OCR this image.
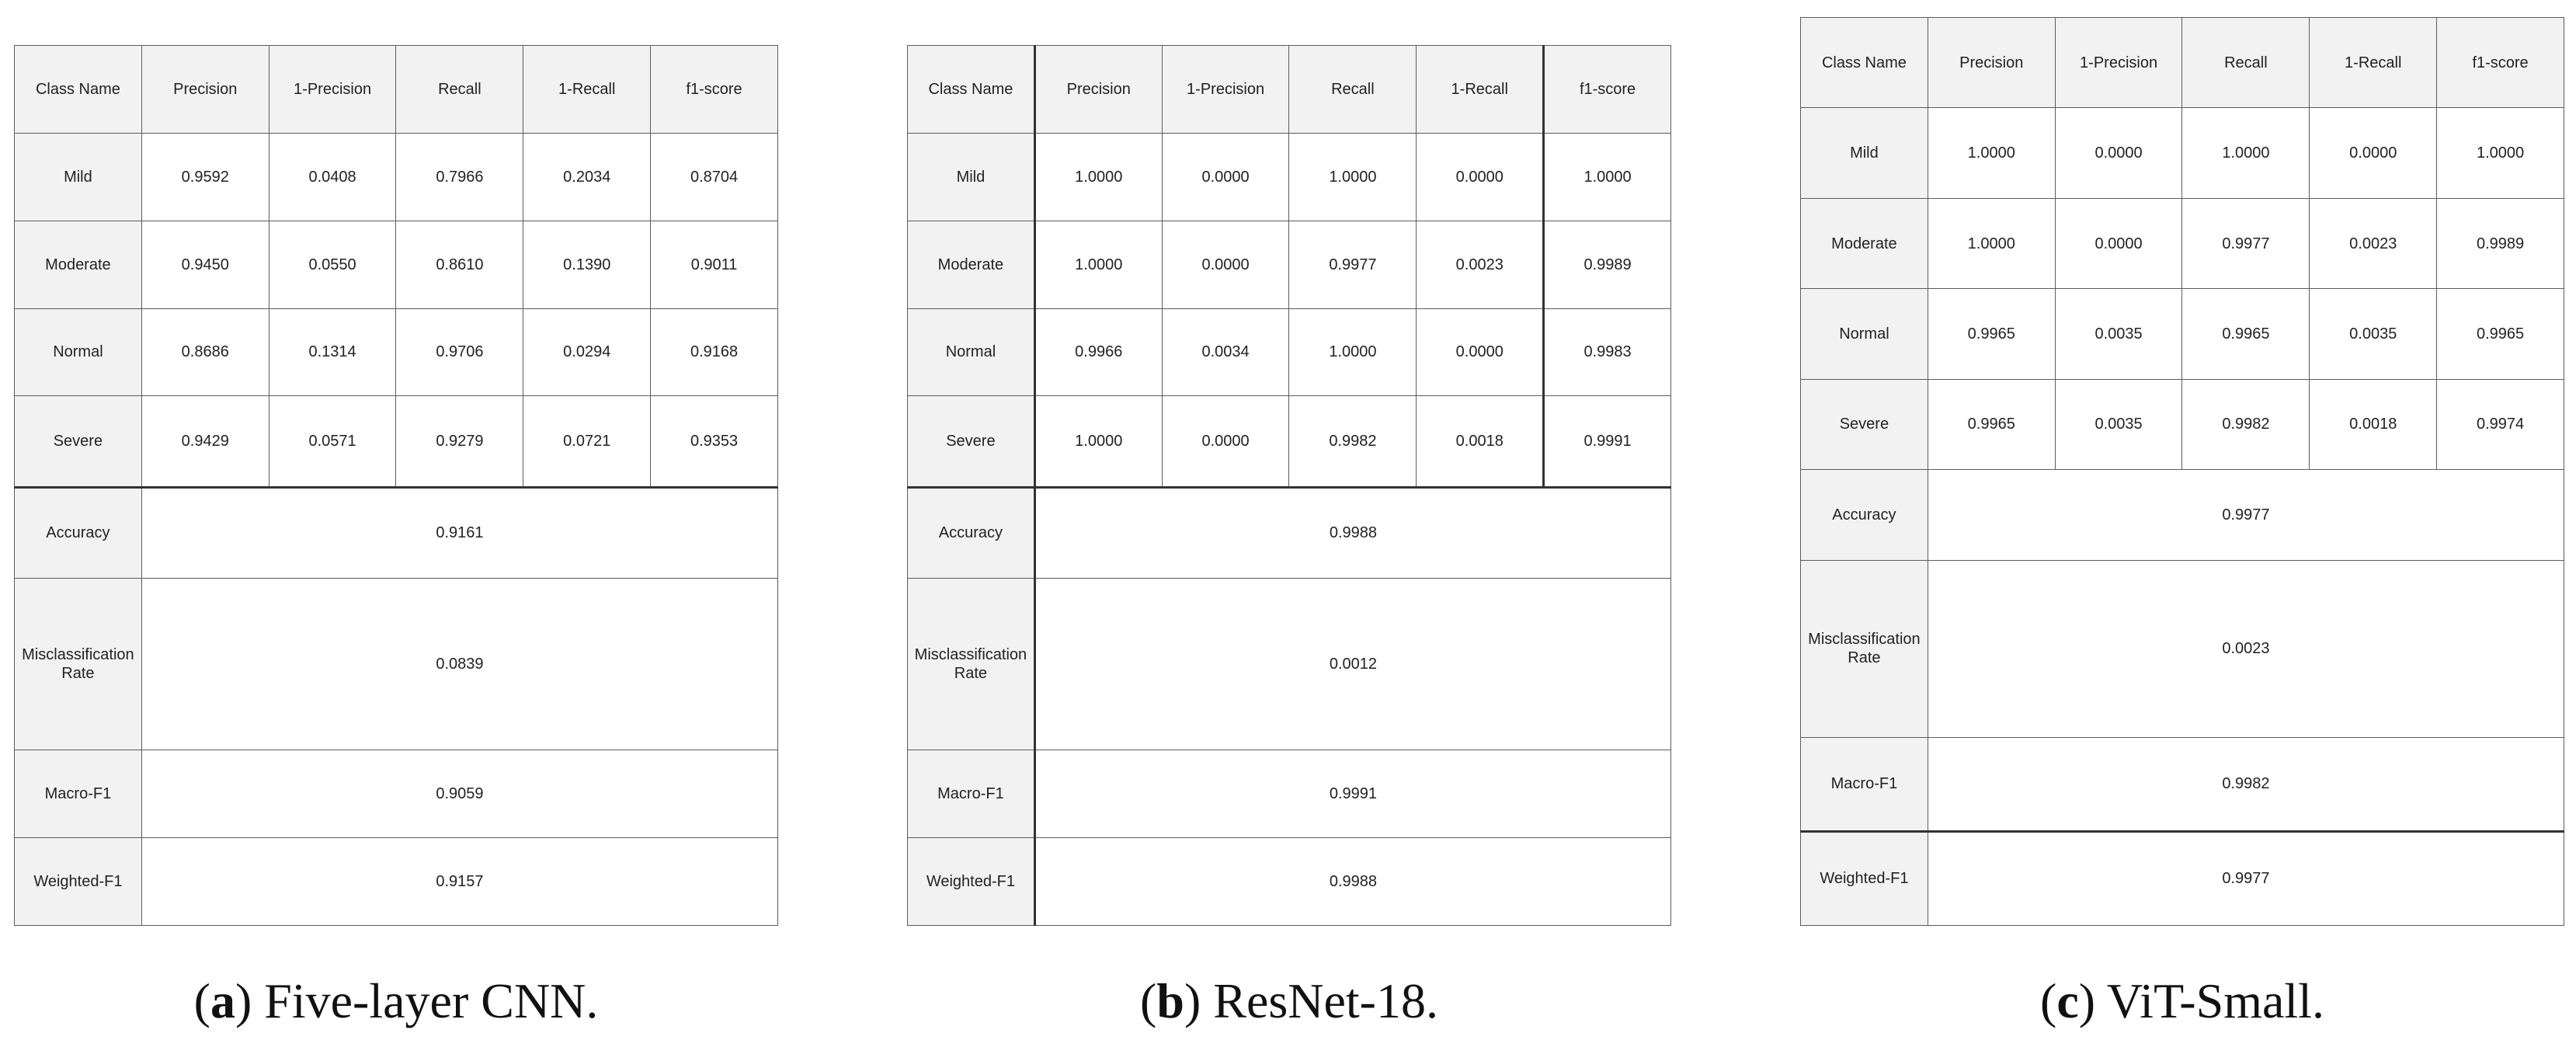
Class Name	Precision	1-Precision	Recall	1-Recall	f1-score
Mild	0.9592	0.0408	0.7966	0.2034	0.8704
Moderate	0.9450	0.0550	0.8610	0.1390	0.9011
Normal	0.8686	0.1314	0.9706	0.0294	0.9168
Severe	0.9429	0.0571	0.9279	0.0721	0.9353
Accuracy	0.9161				
Misclassification Rate	0.0839				
Macro-F1	0.9059				
Weighted-F1	0.9157				
Class Name	Precision	1-Precision	Recall	1-Recall	f1-score
Mild	1.0000	0.0000	1.0000	0.0000	1.0000
Moderate	1.0000	0.0000	0.9977	0.0023	0.9989
Normal	0.9966	0.0034	1.0000	0.0000	0.9983
Severe	1.0000	0.0000	0.9982	0.0018	0.9991
Accuracy	0.9988				
Misclassification Rate	0.0012				
Macro-F1	0.9991				
Weighted-F1	0.9988				
Class Name	Precision	1-Precision	Recall	1-Recall	f1-score
Mild	1.0000	0.0000	1.0000	0.0000	1.0000
Moderate	1.0000	0.0000	0.9977	0.0023	0.9989
Normal	0.9965	0.0035	0.9965	0.0035	0.9965
Severe	0.9965	0.0035	0.9982	0.0018	0.9974
Accuracy	0.9977				
Misclassification Rate	0.0023				
Macro-F1	0.9982				
Weighted-F1	0.9977				
(a) Five-layer CNN.	(b) ResNet-18.	(c) ViT-Small.
